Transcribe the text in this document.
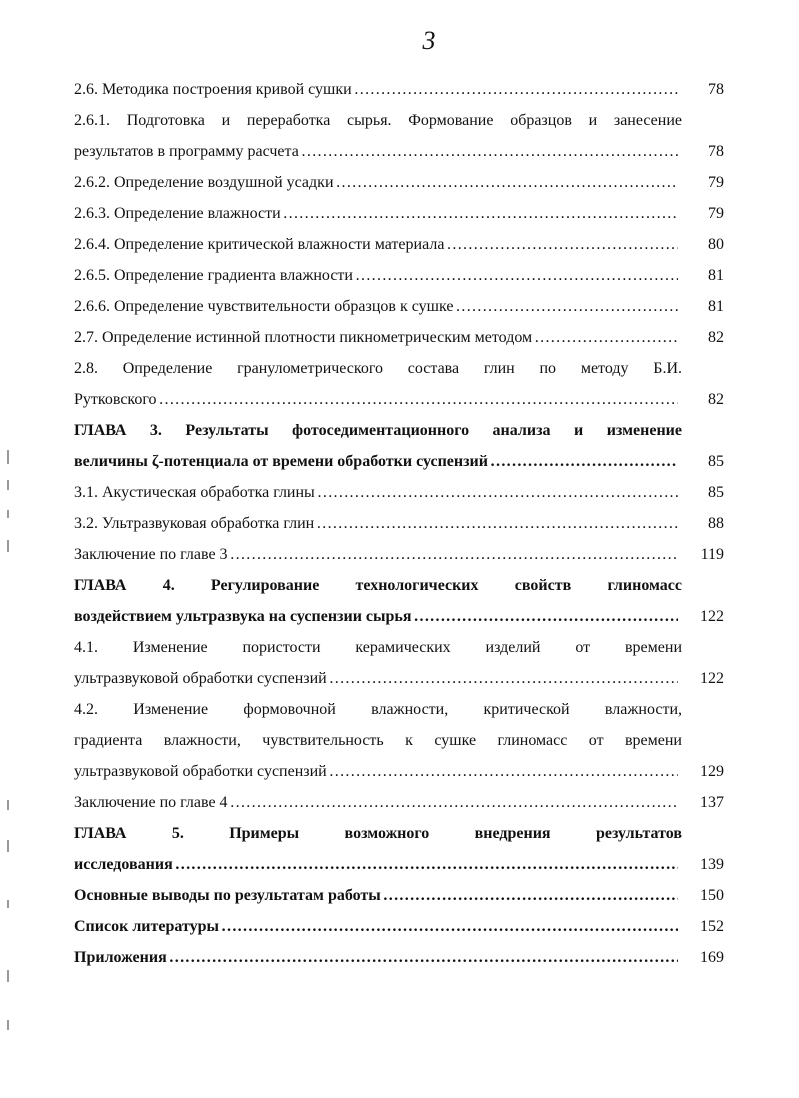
3
2.6. Методика построения кривой сушки ……………………………………………………………………………………………………………………………	78
2.6.1. Подготовка и переработка сырья. Формование образцов и занесение
результатов в программу расчета ……………………………………………………………………………………………………………………………	78
2.6.2. Определение воздушной усадки ……………………………………………………………………………………………………………………………	79
2.6.3. Определение влажности ……………………………………………………………………………………………………………………………	79
2.6.4. Определение критической влажности материала ……………………………………………………………………………………………………………………………	80
2.6.5. Определение градиента влажности ……………………………………………………………………………………………………………………………	81
2.6.6. Определение чувствительности образцов к сушке ……………………………………………………………………………………………………………………………	81
2.7. Определение истинной плотности пикнометрическим методом ……………………………………………………………………………………………………………………………	82
2.8. Определение гранулометрического состава глин по методу Б.И.
Рутковского ……………………………………………………………………………………………………………………………	82
ГЛАВА 3. Результаты фотоседиментационного анализа и изменение
величины ζ-потенциала от времени обработки суспензий ……………………………………………………………………………………………………………………………	85
3.1. Акустическая обработка глины ……………………………………………………………………………………………………………………………	85
3.2. Ультразвуковая обработка глин ……………………………………………………………………………………………………………………………	88
Заключение по главе 3 ……………………………………………………………………………………………………………………………	119
ГЛАВА 4. Регулирование технологических свойств глиномасс
воздействием ультразвука на суспензии сырья ……………………………………………………………………………………………………………………………	122
4.1. Изменение пористости керамических изделий от времени
ультразвуковой обработки суспензий ……………………………………………………………………………………………………………………………	122
4.2. Изменение формовочной влажности, критической влажности,
градиента влажности, чувствительность к сушке глиномасс от времени
ультразвуковой обработки суспензий ……………………………………………………………………………………………………………………………	129
Заключение по главе 4 ……………………………………………………………………………………………………………………………	137
ГЛАВА 5. Примеры возможного внедрения результатов
исследования ……………………………………………………………………………………………………………………………	139
Основные выводы по результатам работы ……………………………………………………………………………………………………………………………	150
Список литературы ……………………………………………………………………………………………………………………………	152
Приложения ……………………………………………………………………………………………………………………………	169
